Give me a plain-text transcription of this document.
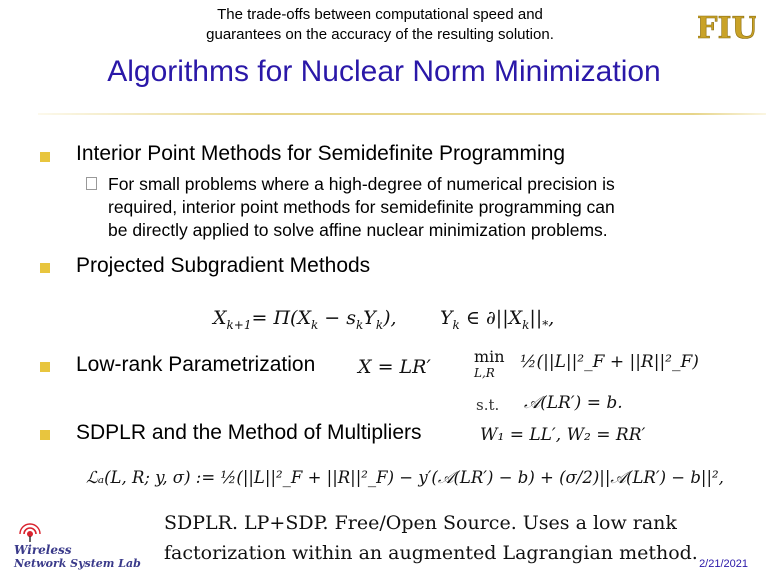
The trade-offs between computational speed and
guarantees on the accuracy of the resulting solution.	FIU
Algorithms for Nuclear Norm Minimization
Interior Point Methods for Semidefinite Programming
For small problems where a high-degree of numerical precision is
required, interior point methods for semidefinite programming can
be directly applied to solve affine nuclear minimization problems.
Projected Subgradient Methods
$X_{k+1}= \Pi(X_k - s_kY_k)$, $Y_k$ ∈ $\partial||X_k||_*$,
Low-rank Parametrization X = LR′	min
L,R
½(||L||²_F + ||R||²_F)
s.t. 𝒜(LR′) = b.
SDPLR and the Method of Multipliers	W₁ = LL′, W₂ = RR′
ℒₐ(L, R; y, σ) := ½(||L||²_F + ||R||²_F) − y′(𝒜(LR′) − b) + (σ/2)||𝒜(LR′) − b||²,
SDPLR. LP+SDP. Free/Open Source. Uses a low rank
factorization within an augmented Lagrangian method.
Wireless
Network System Lab	2/21/2021
